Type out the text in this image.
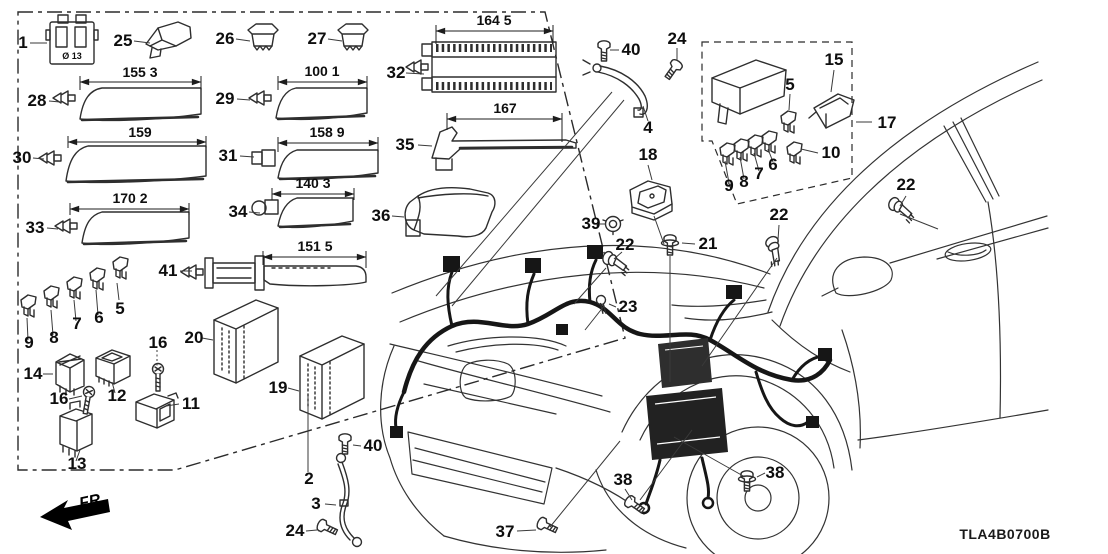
Ø 13
164 5
155 3	100 1
159	158 9
167
170 2
140 3
151 5
1	25	26	27
32
40
24
4
15
17
5
10
9 8 7 6
22
22
28	29
30	31
35
33
34	36
18
39
22	21
23
41
5
6
7
8
9	20
19
14
16
12
16	11
13
2
3
40
24	37
38	38
FR.
TLA4B0700B
